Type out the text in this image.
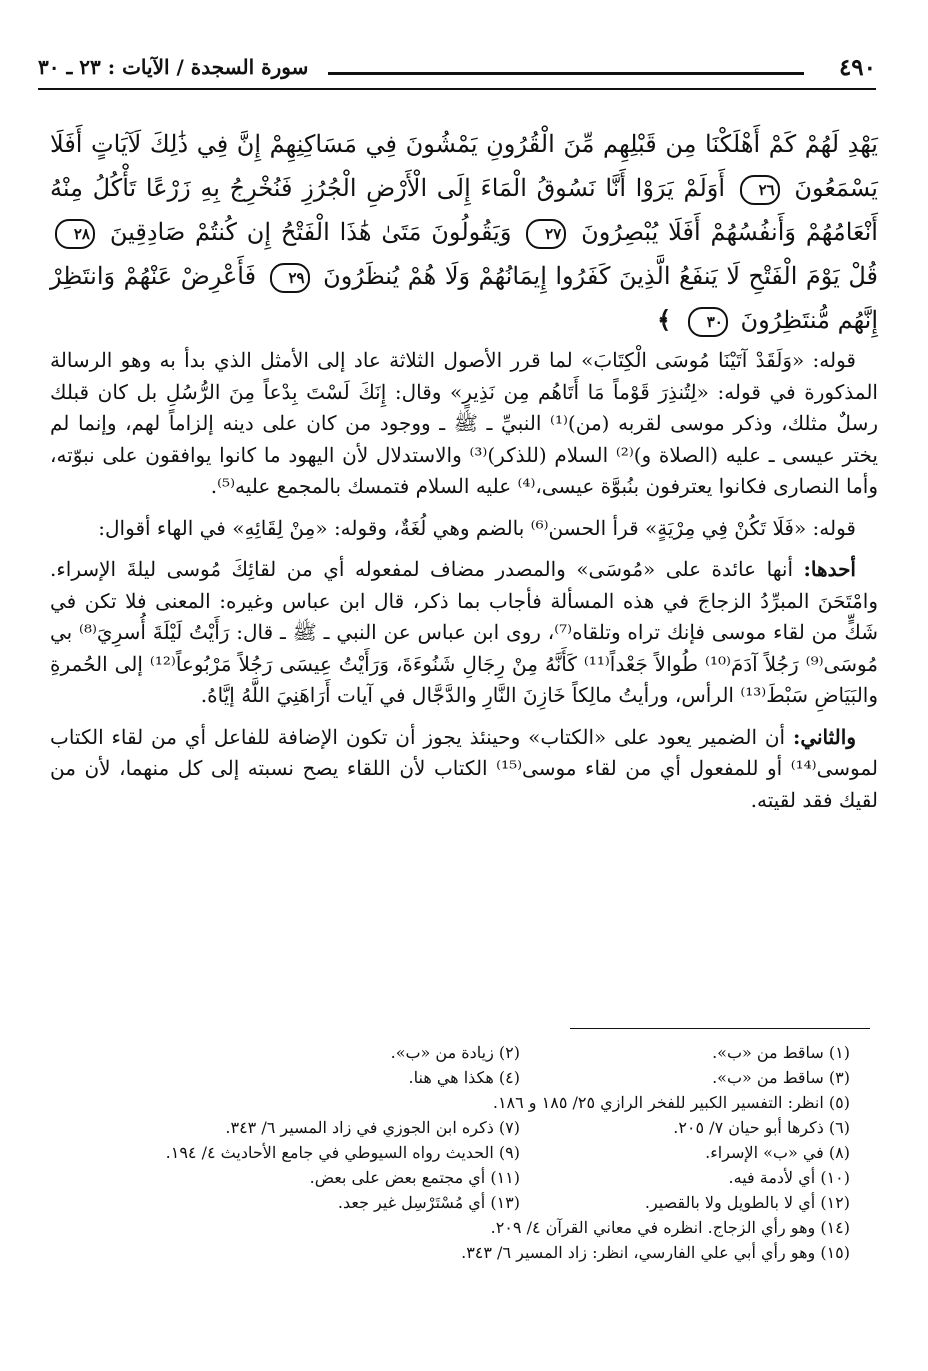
٤٩٠
سورة السجدة / الآيات : ٢٣ ـ ٣٠
يَهْدِ لَهُمْ كَمْ أَهْلَكْنَا مِن قَبْلِهِم مِّنَ الْقُرُونِ يَمْشُونَ فِي مَسَاكِنِهِمْ إِنَّ فِي ذَٰلِكَ لَآيَاتٍ أَفَلَا يَسْمَعُونَ ٢٦ أَوَلَمْ يَرَوْا أَنَّا نَسُوقُ الْمَاءَ إِلَى الْأَرْضِ الْجُرُزِ فَنُخْرِجُ بِهِ زَرْعًا تَأْكُلُ مِنْهُ أَنْعَامُهُمْ وَأَنفُسُهُمْ أَفَلَا يُبْصِرُونَ ٢٧ وَيَقُولُونَ مَتَىٰ هَٰذَا الْفَتْحُ إِن كُنتُمْ صَادِقِينَ ٢٨ قُلْ يَوْمَ الْفَتْحِ لَا يَنفَعُ الَّذِينَ كَفَرُوا إِيمَانُهُمْ وَلَا هُمْ يُنظَرُونَ ٢٩ فَأَعْرِضْ عَنْهُمْ وَانتَظِرْ إِنَّهُم مُّنتَظِرُونَ ٣٠ ﴾

قوله: «وَلَقَدْ آتَيْنَا مُوسَى الْكِتَابَ» لما قرر الأصول الثلاثة عاد إلى الأمثل الذي بدأ به وهو الرسالة المذكورة في قوله: «لِتُنذِرَ قَوْماً مَا أَتَاهُم مِن نَذِيرٍ» وقال: إِنَكَ لَسْتَ بِدْعاً مِنَ الرُّسُلِ بل كان قبلك رسلٌ مثلك، وذكر موسى لقربه (من)⁽¹⁾ النبيِّ ـ ﷺ ـ ووجود من كان على دينه إلزاماً لهم، وإنما لم يختر عيسى ـ عليه (الصلاة و)⁽²⁾ السلام (للذكر)⁽³⁾ والاستدلال لأن اليهود ما كانوا يوافقون على نبوّته، وأما النصارى فكانوا يعترفون بنُبوَّة عيسى،⁽⁴⁾ عليه السلام فتمسك بالمجمع عليه⁽⁵⁾.

قوله: «فَلَا تَكُنْ فِي مِرْيَةٍ» قرأ الحسن⁽⁶⁾ بالضم وهي لُغَةٌ، وقوله: «مِنْ لِقَائِهِ» في الهاء أقوال:

أحدها: أنها عائدة على «مُوسَى» والمصدر مضاف لمفعوله أي من لقائِكَ مُوسى ليلةَ الإسراء. وامْتَحَنَ المبرِّدُ الزجاجَ في هذه المسألة فأجاب بما ذكر، قال ابن عباس وغيره: المعنى فلا تكن في شَكٍّ من لقاء موسى فإنك تراه وتلقاه⁽⁷⁾، روى ابن عباس عن النبي ـ ﷺ ـ قال: رَأَيْتُ لَيْلَةَ أُسرِيَ⁽⁸⁾ بي مُوسَى⁽⁹⁾ رَجُلاً آدَمَ⁽¹⁰⁾ طُوالاً جَعْداً⁽¹¹⁾ كَأَنَّهُ مِنْ رِجَالِ شَنُوءَةَ، وَرَأَيْتُ عِيسَى رَجُلاً مَرْبُوعاً⁽¹²⁾ إلى الحُمرةِ والبَيَاضِ سَبْطَ⁽¹³⁾ الرأس، ورأيتُ مالِكاً خَازِنَ النَّارِ والدَّجَّال في آيات أَرَاهَنِيَ اللَّهُ إيَّاهُ.

والثاني: أن الضمير يعود على «الكتاب» وحينئذ يجوز أن تكون الإضافة للفاعل أي من لقاء الكتاب لموسى⁽¹⁴⁾ أو للمفعول أي من لقاء موسى⁽¹⁵⁾ الكتاب لأن اللقاء يصح نسبته إلى كل منهما، لأن من لقيك فقد لقيته.

(١) ساقط من «ب».
(٢) زيادة من «ب».
(٣) ساقط من «ب».
(٤) هكذا هي هنا.
(٥) انظر: التفسير الكبير للفخر الرازي ٢٥/ ١٨٥ و ١٨٦.
(٦) ذكرها أبو حيان ٧/ ٢٠٥.
(٧) ذكره ابن الجوزي في زاد المسير ٦/ ٣٤٣.
(٨) في «ب» الإسراء.
(٩) الحديث رواه السيوطي في جامع الأحاديث ٤/ ١٩٤.
(١٠) أي لأدمة فيه.
(١١) أي مجتمع بعض على بعض.
(١٢) أي لا بالطويل ولا بالقصير.
(١٣) أي مُسْتَرْسِل غير جعد.
(١٤) وهو رأي الزجاج. انظره في معاني القرآن ٤/ ٢٠٩.
(١٥) وهو رأي أبي علي الفارسي، انظر: زاد المسير ٦/ ٣٤٣.
